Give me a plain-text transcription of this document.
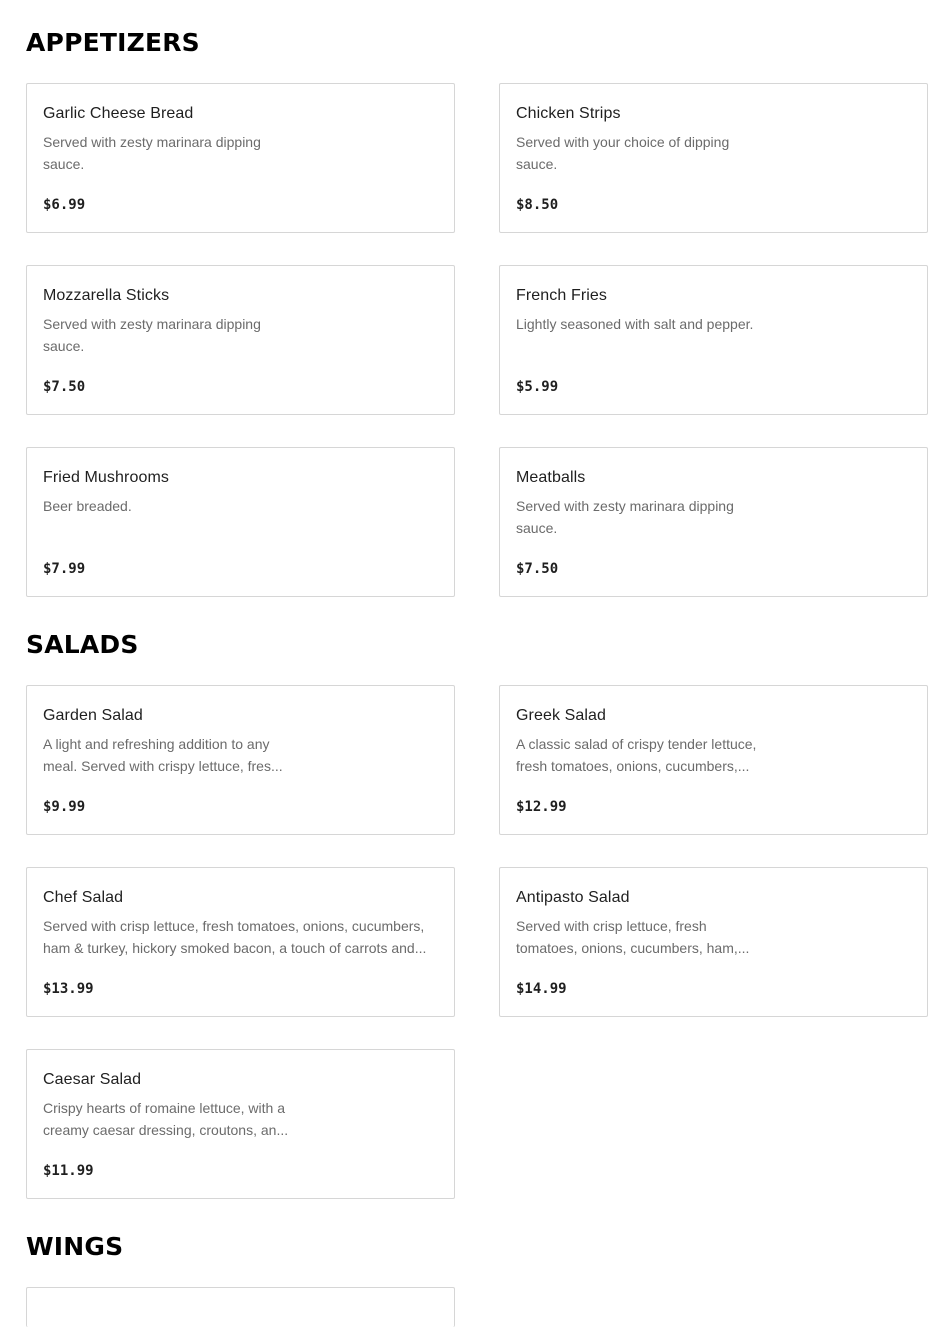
APPETIZERS
Garlic Cheese Bread
Served with zesty marinara dipping sauce.
$6.99
Chicken Strips
Served with your choice of dipping sauce.
$8.50
Mozzarella Sticks
Served with zesty marinara dipping sauce.
$7.50
French Fries
Lightly seasoned with salt and pepper.
$5.99
Fried Mushrooms
Beer breaded.
$7.99
Meatballs
Served with zesty marinara dipping sauce.
$7.50
SALADS
Garden Salad
A light and refreshing addition to any meal. Served with crispy lettuce, fres...
$9.99
Greek Salad
A classic salad of crispy tender lettuce, fresh tomatoes, onions, cucumbers,...
$12.99
Chef Salad
Served with crisp lettuce, fresh tomatoes, onions, cucumbers, ham & turkey, hickory smoked bacon, a touch of carrots and...
$13.99
Antipasto Salad
Served with crisp lettuce, fresh tomatoes, onions, cucumbers, ham,...
$14.99
Caesar Salad
Crispy hearts of romaine lettuce, with a creamy caesar dressing, croutons, an...
$11.99
WINGS
